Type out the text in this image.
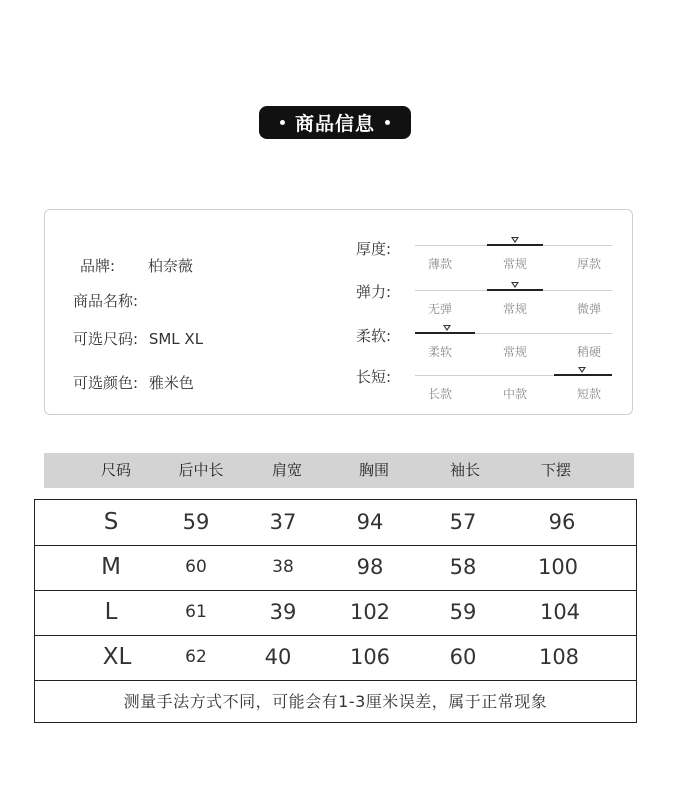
商品信息
品牌: 柏奈薇
商品名称:
可选尺码: SML XL
可选颜色: 雅米色
厚度:
薄款	常规	厚款
弹力:
无弹	常规	微弹
柔软:
柔软	常规	稍硬
长短:
长款	中款	短款
尺码	后中长	肩宽	胸围	袖长	下摆
S	59	37	94	57	96
M	60	38	98	58	100
L	61	39	102	59	104
XL	62	40	106	60	108
测量手法方式不同，可能会有1-3厘米误差，属于正常现象
